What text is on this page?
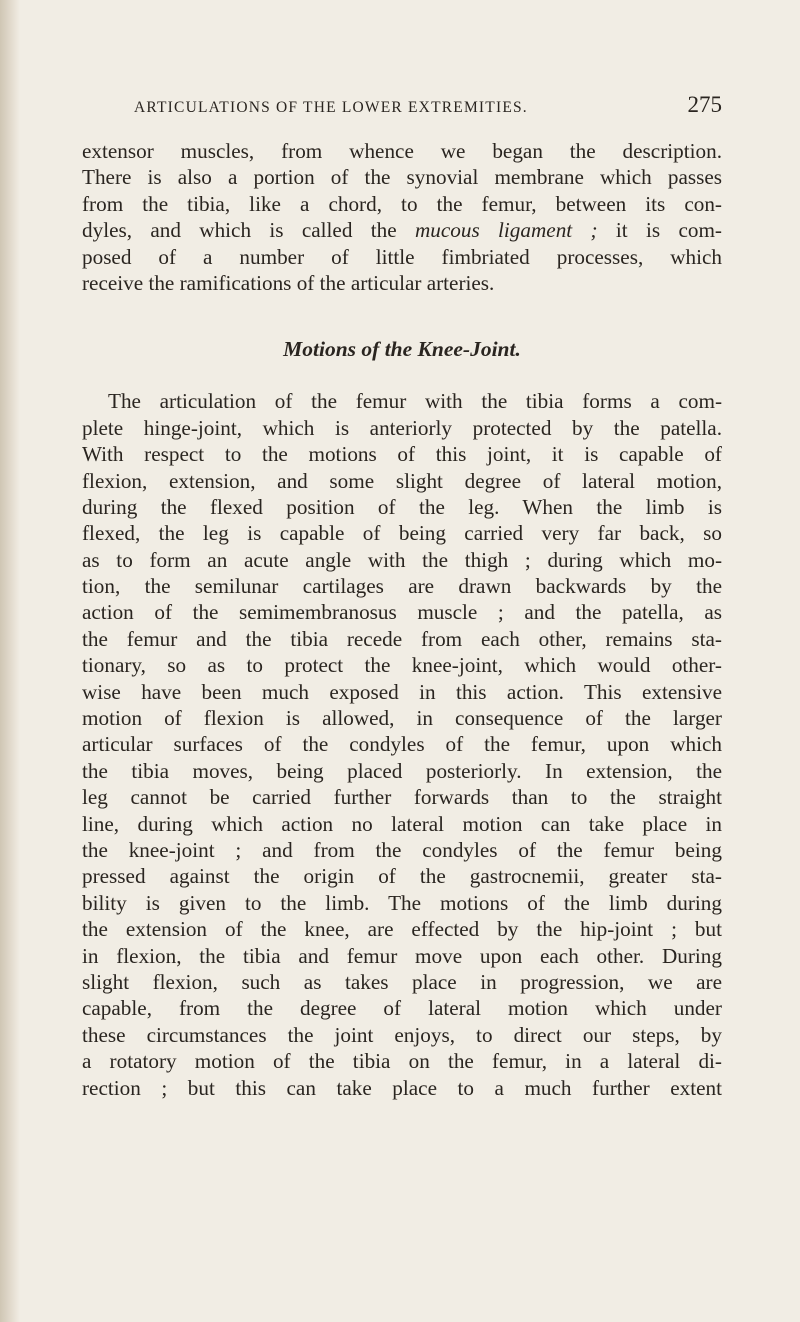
ARTICULATIONS OF THE LOWER EXTREMITIES.	275
extensor muscles, from whence we began the description.
There is also a portion of the synovial membrane which passes
from the tibia, like a chord, to the femur, between its con-
dyles, and which is called the mucous ligament ; it is com-
posed of a number of little fimbriated processes, which
receive the ramifications of the articular arteries.
Motions of the Knee-Joint.
The articulation of the femur with the tibia forms a com-
plete hinge-joint, which is anteriorly protected by the patella.
With respect to the motions of this joint, it is capable of
flexion, extension, and some slight degree of lateral motion,
during the flexed position of the leg. When the limb is
flexed, the leg is capable of being carried very far back, so
as to form an acute angle with the thigh ; during which mo-
tion, the semilunar cartilages are drawn backwards by the
action of the semimembranosus muscle ; and the patella, as
the femur and the tibia recede from each other, remains sta-
tionary, so as to protect the knee-joint, which would other-
wise have been much exposed in this action. This extensive
motion of flexion is allowed, in consequence of the larger
articular surfaces of the condyles of the femur, upon which
the tibia moves, being placed posteriorly. In extension, the
leg cannot be carried further forwards than to the straight
line, during which action no lateral motion can take place in
the knee-joint ; and from the condyles of the femur being
pressed against the origin of the gastrocnemii, greater sta-
bility is given to the limb. The motions of the limb during
the extension of the knee, are effected by the hip-joint ; but
in flexion, the tibia and femur move upon each other. During
slight flexion, such as takes place in progression, we are
capable, from the degree of lateral motion which under
these circumstances the joint enjoys, to direct our steps, by
a rotatory motion of the tibia on the femur, in a lateral di-
rection ; but this can take place to a much further extent
